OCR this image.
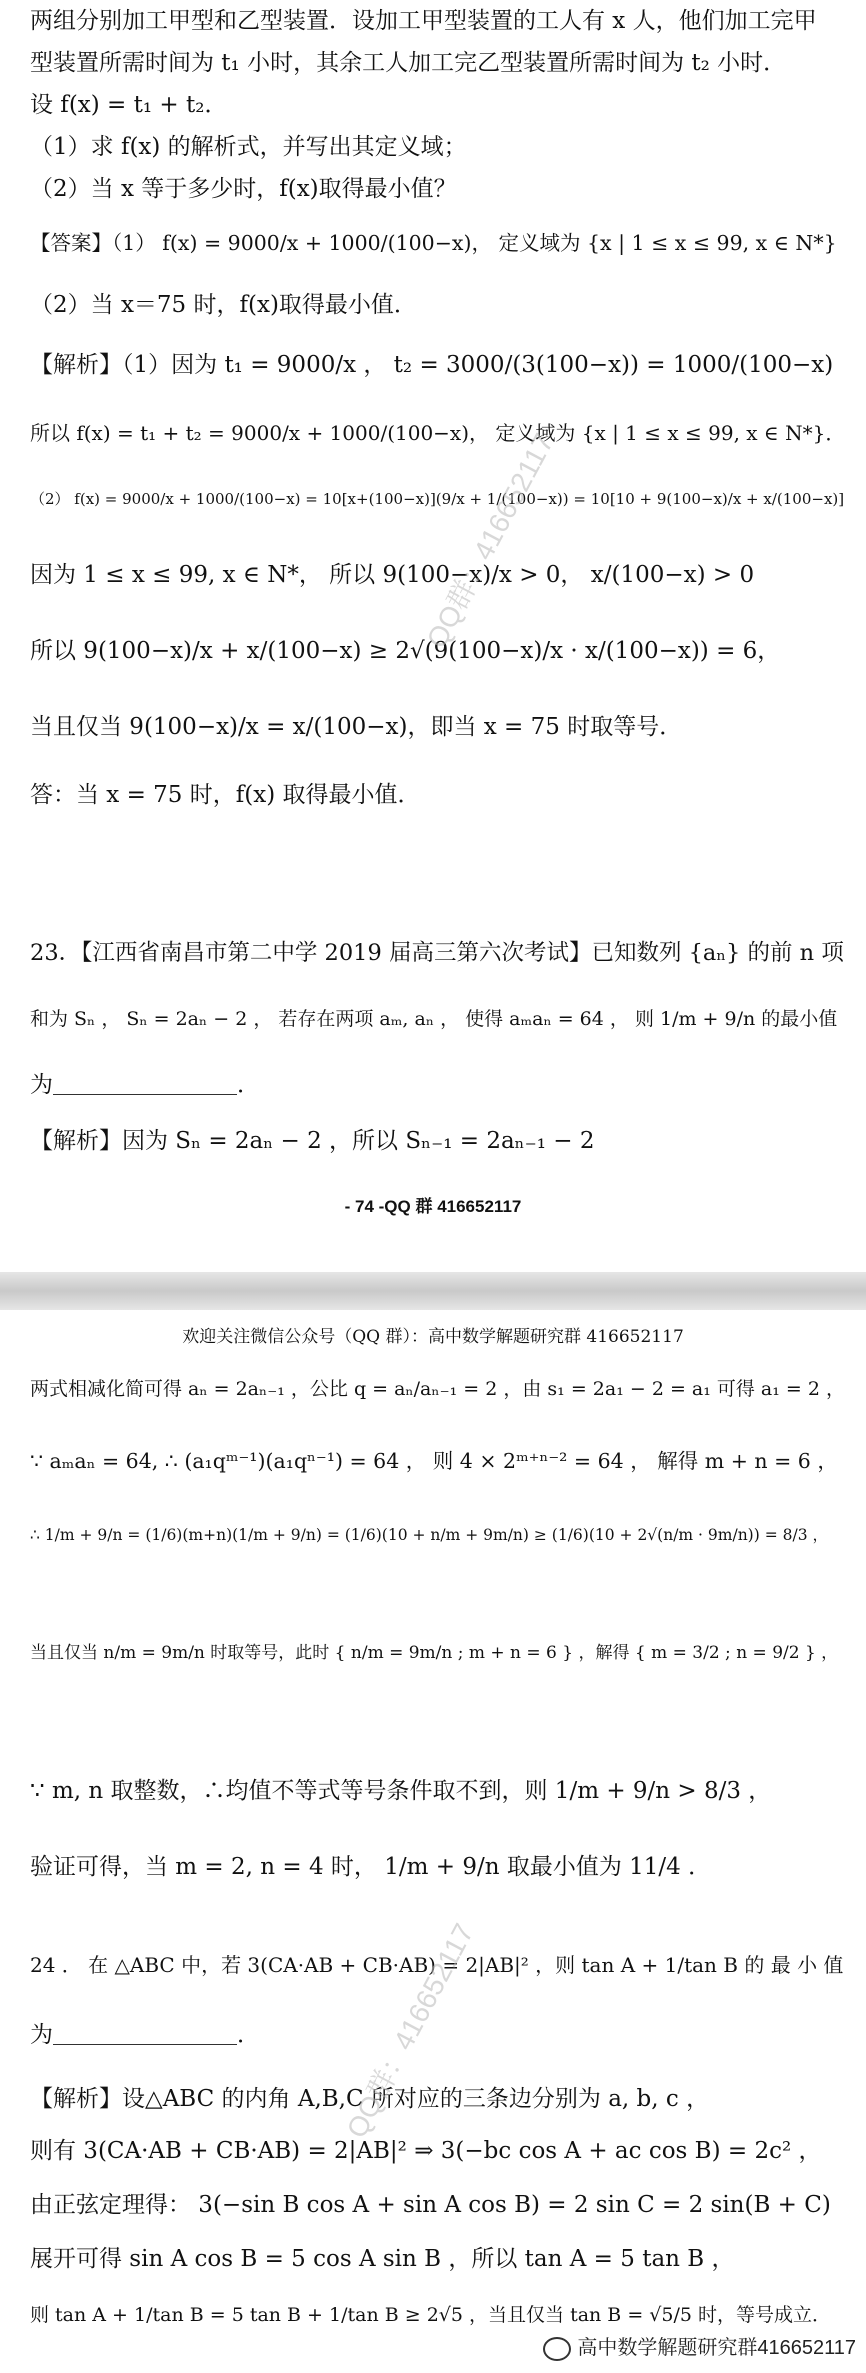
两组分别加工甲型和乙型装置．设加工甲型装置的工人有 x 人，他们加工完甲
型装置所需时间为 t₁ 小时，其余工人加工完乙型装置所需时间为 t₂ 小时．
设 f(x) = t₁ + t₂．
（1）求 f(x) 的解析式，并写出其定义域；
（2）当 x 等于多少时，f(x)取得最小值？
【答案】（1） f(x) = 9000/x + 1000/(100−x)， 定义域为 {x | 1 ≤ x ≤ 99, x ∈ N*}
（2）当 x＝75 时，f(x)取得最小值．
【解析】（1）因为 t₁ = 9000/x ， t₂ = 3000/(3(100−x)) = 1000/(100−x)
所以 f(x) = t₁ + t₂ = 9000/x + 1000/(100−x)， 定义域为 {x | 1 ≤ x ≤ 99, x ∈ N*}．
（2） f(x) = 9000/x + 1000/(100−x) = 10[x+(100−x)](9/x + 1/(100−x)) = 10[10 + 9(100−x)/x + x/(100−x)]
因为 1 ≤ x ≤ 99, x ∈ N*， 所以 9(100−x)/x > 0， x/(100−x) > 0
所以 9(100−x)/x + x/(100−x) ≥ 2√(9(100−x)/x · x/(100−x)) = 6，
当且仅当 9(100−x)/x = x/(100−x)，即当 x = 75 时取等号．
答：当 x = 75 时，f(x) 取得最小值．
23．【江西省南昌市第二中学 2019 届高三第六次考试】已知数列 {aₙ} 的前 n 项
和为 Sₙ ， Sₙ = 2aₙ − 2 ， 若存在两项 aₘ, aₙ ， 使得 aₘaₙ = 64 ， 则 1/m + 9/n 的最小值
为＿＿＿＿＿＿＿＿．
【解析】因为 Sₙ = 2aₙ − 2 ，所以 Sₙ₋₁ = 2aₙ₋₁ − 2
- 74 -QQ 群 416652117
QQ群：416652117
欢迎关注微信公众号（QQ 群）：高中数学解题研究群 416652117
两式相减化简可得 aₙ = 2aₙ₋₁ ，公比 q = aₙ/aₙ₋₁ = 2 ，由 s₁ = 2a₁ − 2 = a₁ 可得 a₁ = 2 ，
∵ aₘaₙ = 64, ∴ (a₁qᵐ⁻¹)(a₁qⁿ⁻¹) = 64 ， 则 4 × 2ᵐ⁺ⁿ⁻² = 64 ， 解得 m + n = 6 ，
∴ 1/m + 9/n = (1/6)(m+n)(1/m + 9/n) = (1/6)(10 + n/m + 9m/n) ≥ (1/6)(10 + 2√(n/m · 9m/n)) = 8/3 ，
当且仅当 n/m = 9m/n 时取等号，此时 { n/m = 9m/n ; m + n = 6 } ，解得 { m = 3/2 ; n = 9/2 } ，
∵ m, n 取整数，∴均值不等式等号条件取不到，则 1/m + 9/n > 8/3 ，
验证可得，当 m = 2, n = 4 时， 1/m + 9/n 取最小值为 11/4 ．
24 ． 在 △ABC 中，若 3(CA·AB + CB·AB) = 2|AB|² ，则 tan A + 1/tan B 的 最 小 值
为＿＿＿＿＿＿＿＿．
【解析】设△ABC 的内角 A,B,C 所对应的三条边分别为 a, b, c ，
则有 3(CA·AB + CB·AB) = 2|AB|² ⇒ 3(−bc cos A + ac cos B) = 2c² ，
由正弦定理得： 3(−sin B cos A + sin A cos B) = 2 sin C = 2 sin(B + C)
展开可得 sin A cos B = 5 cos A sin B ，所以 tan A = 5 tan B ，
则 tan A + 1/tan B = 5 tan B + 1/tan B ≥ 2√5 ，当且仅当 tan B = √5/5 时，等号成立．
QQ群：416652117
高中数学解题研究群416652117
